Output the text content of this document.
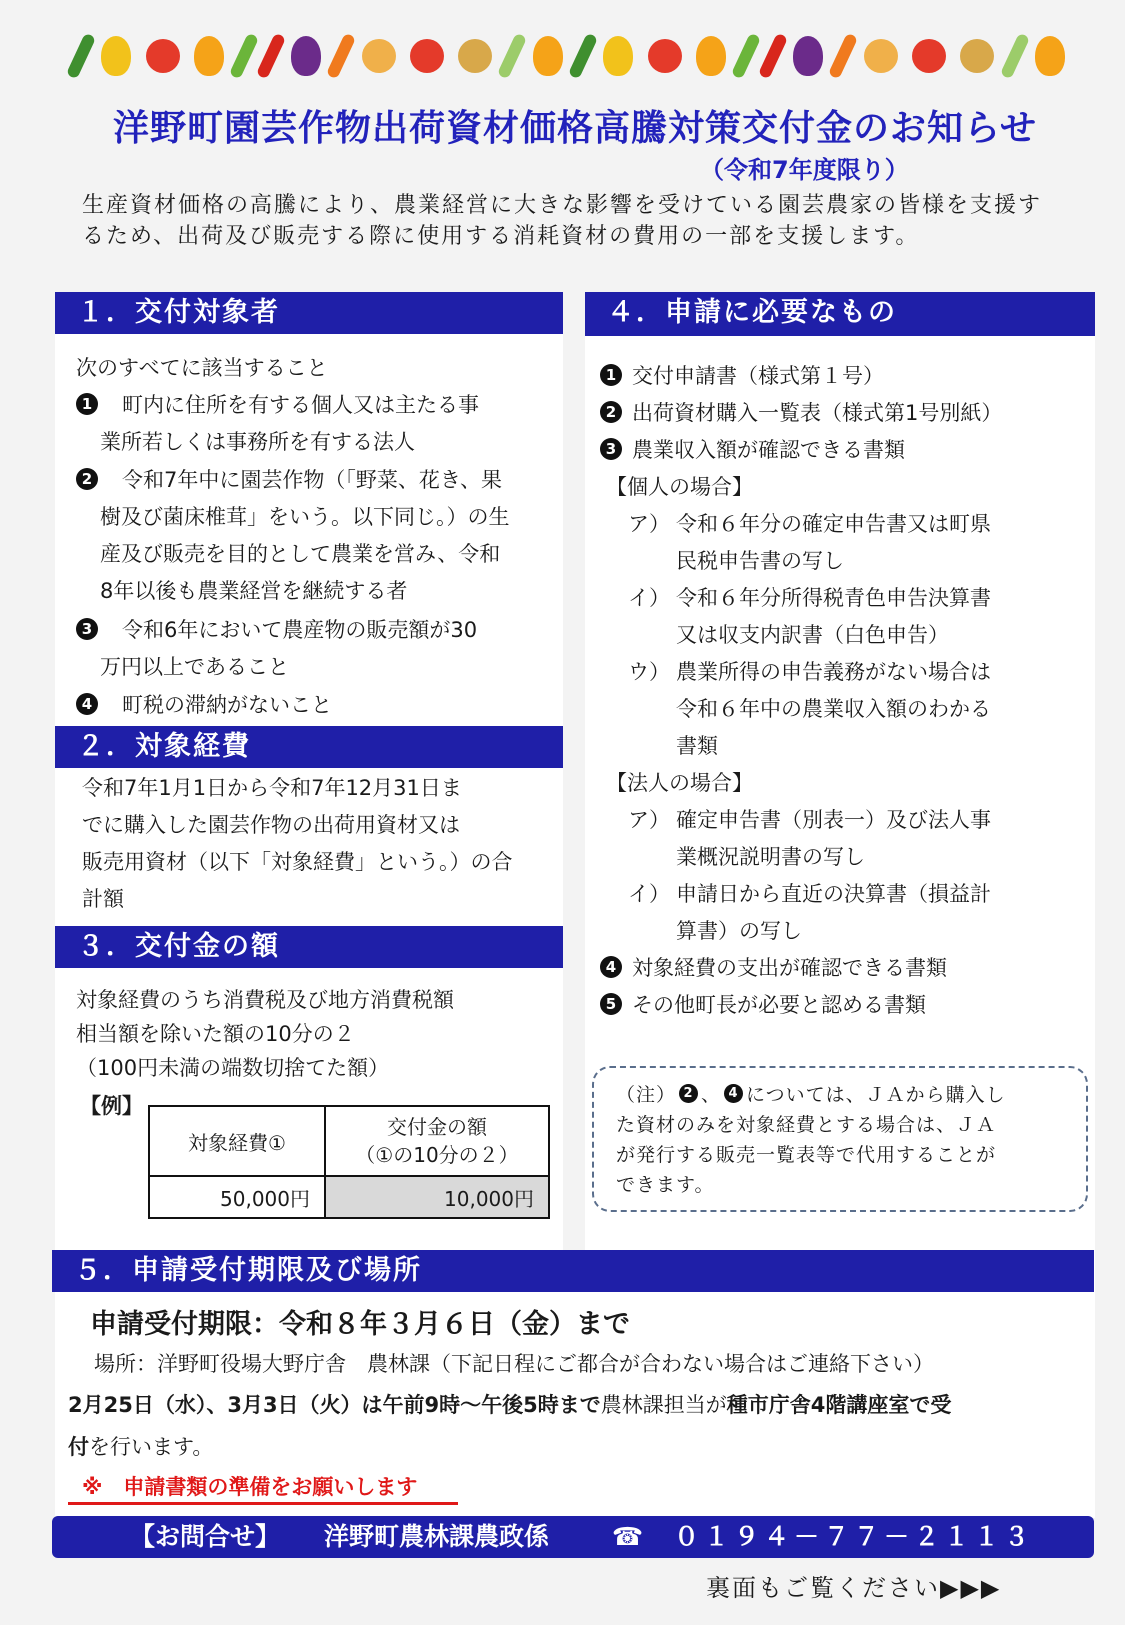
洋野町園芸作物出荷資材価格高騰対策交付金のお知らせ
（令和7年度限り）
生産資材価格の高騰により、農業経営に大きな影響を受けている園芸農家の皆様を支援するため、出荷及び販売する際に使用する消耗資材の費用の一部を支援します。
１．交付対象者
次のすべてに該当すること
1 町内に住所を有する個人又は主たる事
業所若しくは事務所を有する法人
2 令和7年中に園芸作物（「野菜、花き、果
樹及び菌床椎茸」をいう。以下同じ。）の生
産及び販売を目的として農業を営み、令和
8年以後も農業経営を継続する者
3 令和6年において農産物の販売額が30
万円以上であること
4 町税の滞納がないこと
２．対象経費
令和7年1月1日から令和7年12月31日ま
でに購入した園芸作物の出荷用資材又は
販売用資材（以下「対象経費」という。）の合
計額
３．交付金の額
対象経費のうち消費税及び地方消費税額
相当額を除いた額の10分の２
（100円未満の端数切捨てた額）
【例】
対象経費①	交付金の額
（①の10分の２）

50,000円	10,000円
４．申請に必要なもの
1 交付申請書（様式第１号）
2 出荷資材購入一覧表（様式第1号別紙）
3 農業収入額が確認できる書類
【個人の場合】
ア） 令和６年分の確定申告書又は町県
民税申告書の写し
イ） 令和６年分所得税青色申告決算書
又は収支内訳書（白色申告）
ウ） 農業所得の申告義務がない場合は
令和６年中の農業収入額のわかる
書類
【法人の場合】
ア） 確定申告書（別表一）及び法人事
業概況説明書の写し
イ） 申請日から直近の決算書（損益計
算書）の写し
4 対象経費の支出が確認できる書類
5 その他町長が必要と認める書類
（注） 2 、 4 については、ＪＡから購入し
た資材のみを対象経費とする場合は、ＪＡ
が発行する販売一覧表等で代用することが
できます。
５．申請受付期限及び場所
申請受付期限：令和８年３月６日（金）まで
場所：洋野町役場大野庁舎　農林課（下記日程にご都合が合わない場合はご連絡下さい）
2月25日（水）、3月3日（火）は午前9時～午後5時まで農林課担当が種市庁舎4階講座室で受
付を行います。
※　申請書類の準備をお願いします
【お問合せ】 洋野町農林課農政係	☎ ０１９４－７７－２１１３
裏面もご覧ください▶▶▶
